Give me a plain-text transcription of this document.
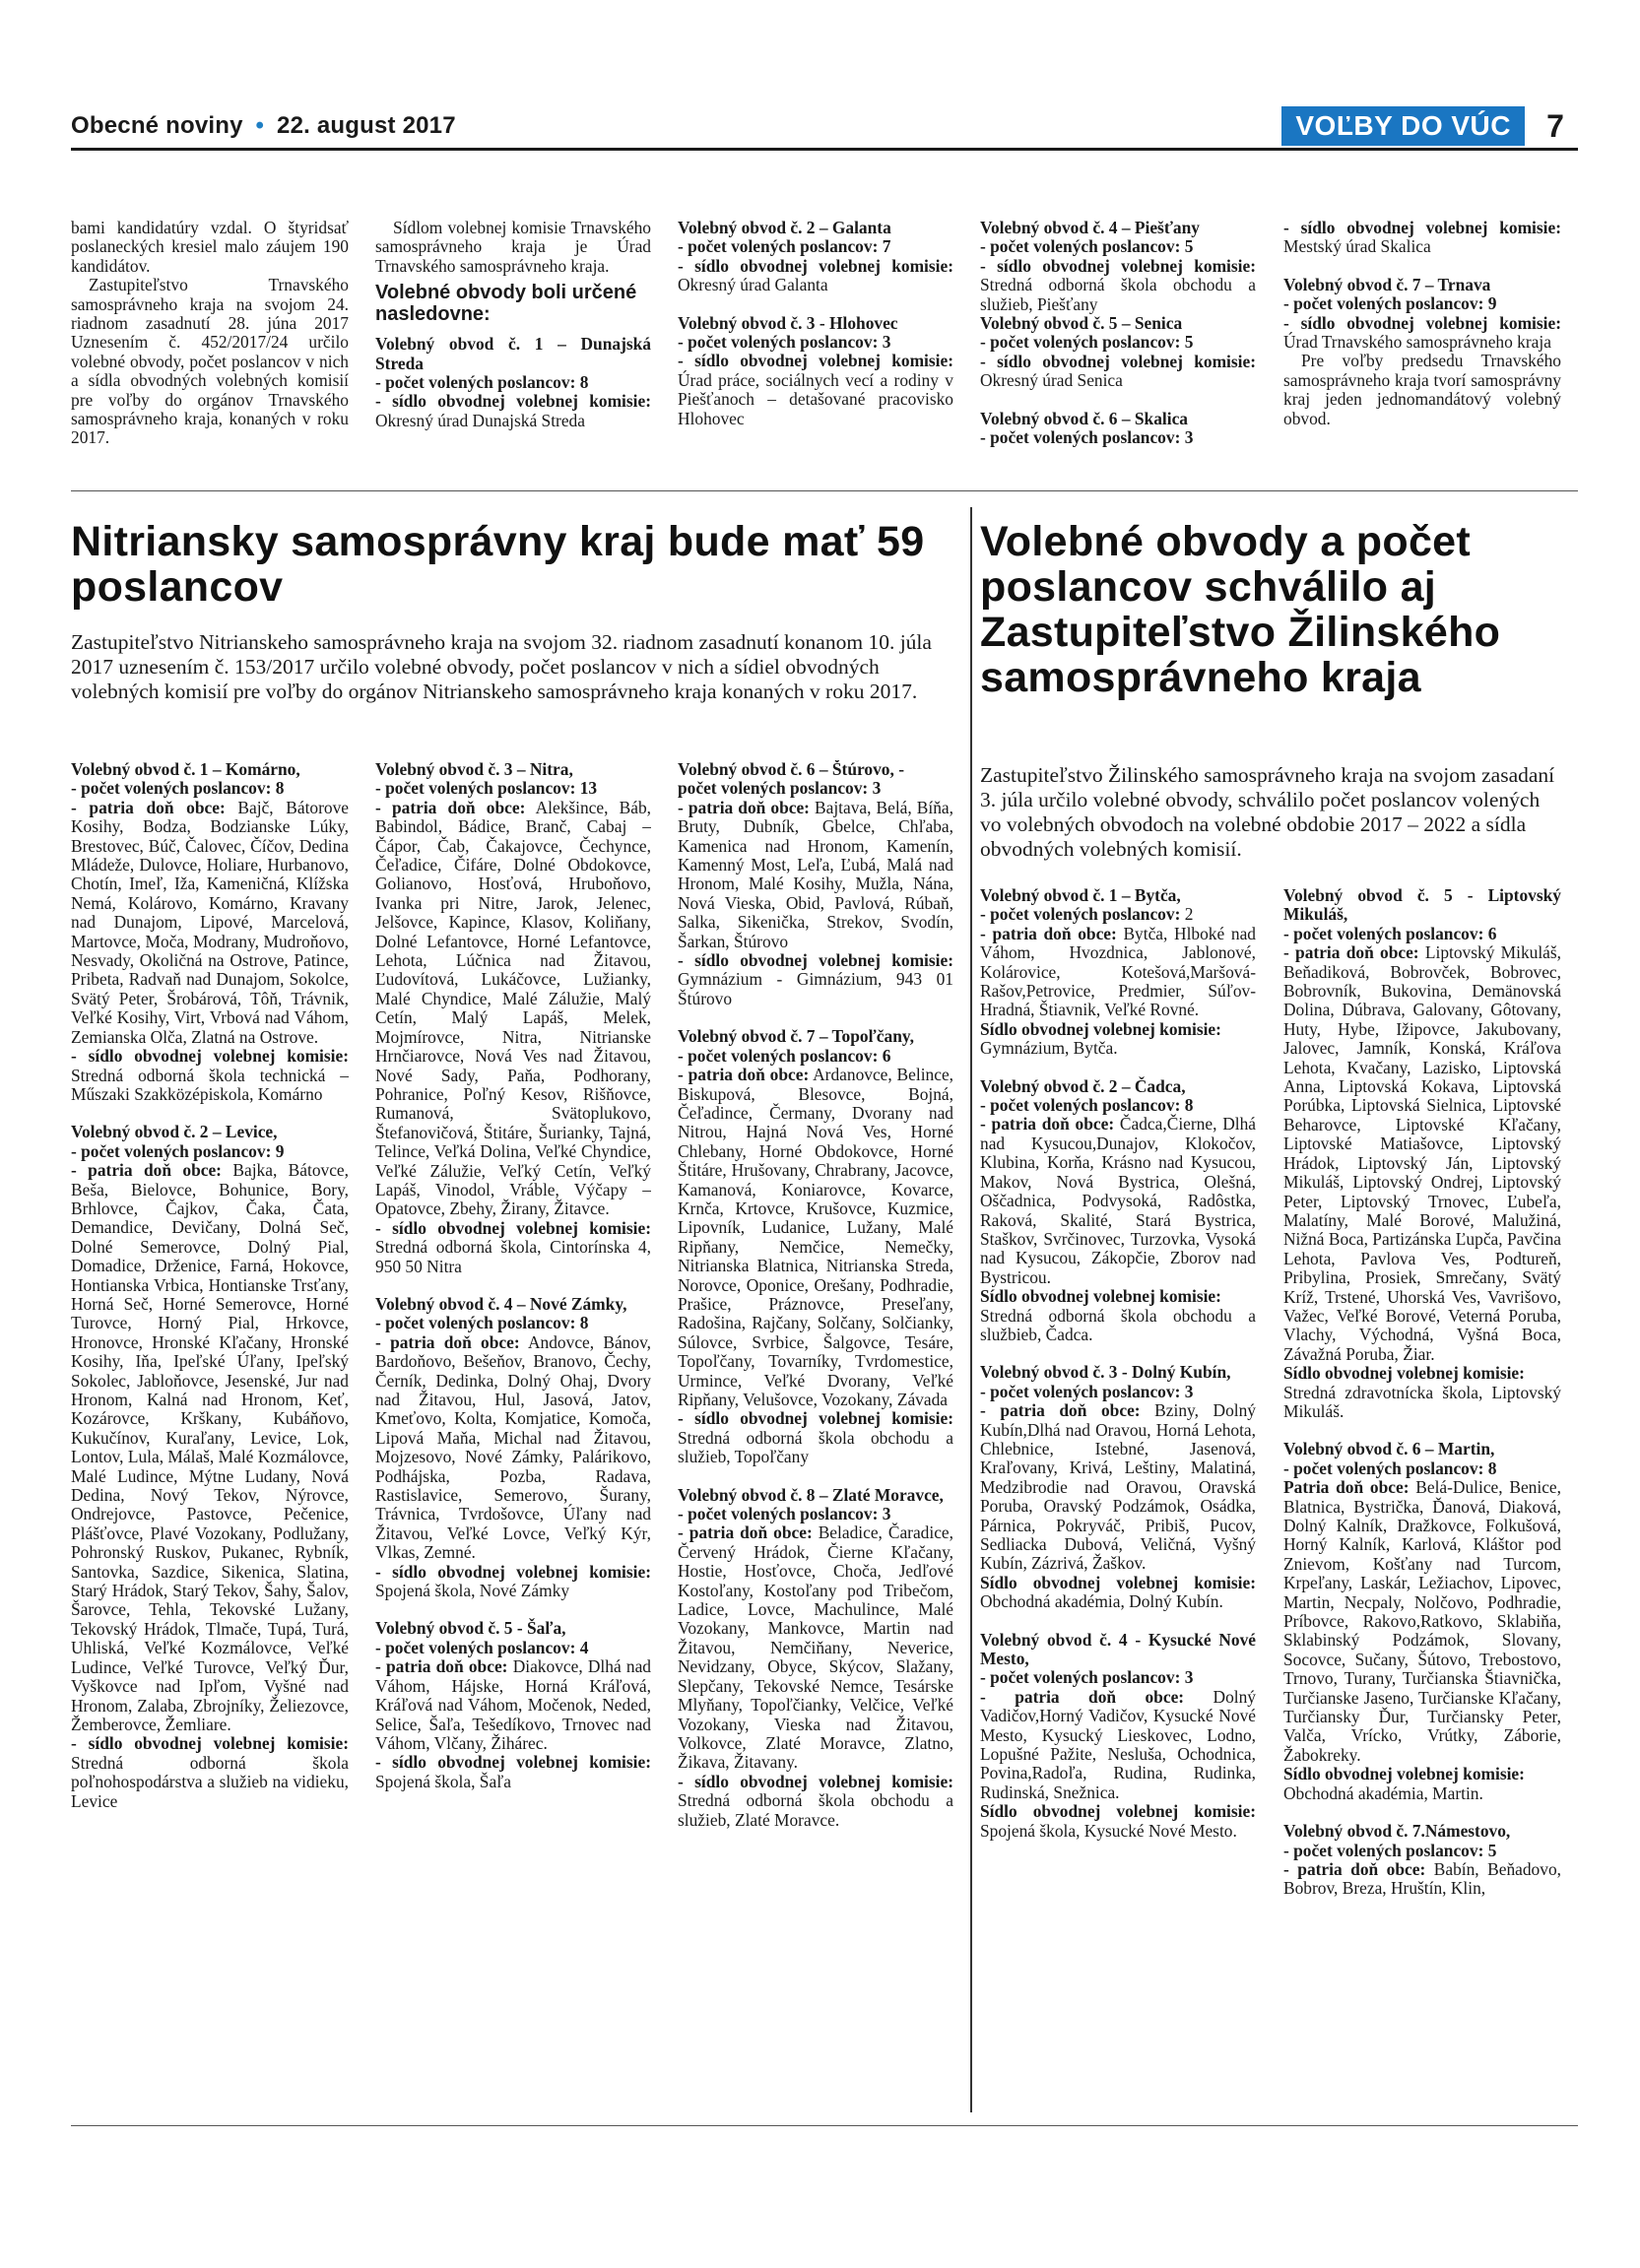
Obecné noviny • 22. august 2017	VOĽBY DO VÚC	7

bami kandidatúry vzdal. O štyridsať poslaneckých kresiel malo záujem 190 kandidátov.

Zastupiteľstvo Trnavského samosprávneho kraja na svojom 24. riadnom zasadnutí 28. júna 2017 Uznesením č. 452/2017/24 určilo volebné obvody, počet poslancov v nich a sídla obvodných volebných komisií pre voľby do orgánov Trnavského samosprávneho kraja, konaných v roku 2017.

Sídlom volebnej komisie Trnavského samosprávneho kraja je Úrad Trnavského samosprávneho kraja.

Volebné obvody boli určené nasledovne:

Volebný obvod č. 1 – Dunajská Streda
- počet volených poslancov: 8
- sídlo obvodnej volebnej komisie: Okresný úrad Dunajská Streda

Volebný obvod č. 2 – Galanta
- počet volených poslancov: 7
- sídlo obvodnej volebnej komisie: Okresný úrad Galanta
Volebný obvod č. 3 - Hlohovec
- počet volených poslancov: 3
- sídlo obvodnej volebnej komisie: Úrad práce, sociálnych vecí a rodiny v Piešťanoch – detašované pracovisko Hlohovec
Volebný obvod č. 4 – Piešťany
- počet volených poslancov: 5
- sídlo obvodnej volebnej komisie: Stredná odborná škola obchodu a služieb, Piešťany
Volebný obvod č. 5 – Senica
- počet volených poslancov: 5
- sídlo obvodnej volebnej komisie: Okresný úrad Senica
Volebný obvod č. 6 – Skalica
- počet volených poslancov: 3
- sídlo obvodnej volebnej komisie: Mestský úrad Skalica
Volebný obvod č. 7 – Trnava
- počet volených poslancov: 9
- sídlo obvodnej volebnej komisie: Úrad Trnavského samosprávneho kraja

Pre voľby predsedu Trnavského samosprávneho kraja tvorí samosprávny kraj jeden jednomandátový volebný obvod.

Nitriansky samosprávny kraj bude mať 59 poslancov
Zastupiteľstvo Nitrianskeho samosprávneho kraja na svojom 32. riadnom zasadnutí konanom 10. júla 2017 uznesením č. 153/2017 určilo volebné obvody, počet poslancov v nich a sídiel obvodných volebných komisií pre voľby do orgánov Nitrianskeho samosprávneho kraja konaných v roku 2017.
Volebný obvod č. 1 – Komárno,
- počet volených poslancov: 8
- patria doň obce: Bajč, Bátorove Kosihy, Bodza, Bodzianske Lúky, Brestovec, Búč, Čalovec, Číčov, Dedina Mládeže, Dulovce, Holiare, Hurbanovo, Chotín, Imeľ, Iža, Kameničná, Klížska Nemá, Kolárovo, Komárno, Kravany nad Dunajom, Lipové, Marcelová, Martovce, Moča, Modrany, Mudroňovo, Nesvady, Okoličná na Ostrove, Patince, Pribeta, Radvaň nad Dunajom, Sokolce, Svätý Peter, Šrobárová, Tôň, Trávnik, Veľké Kosihy, Virt, Vrbová nad Váhom, Zemianska Olča, Zlatná na Ostrove.
- sídlo obvodnej volebnej komisie: Stredná odborná škola technická – Műszaki Szakközépiskola, Komárno
Volebný obvod č. 2 – Levice,
- počet volených poslancov: 9
- patria doň obce: Bajka, Bátovce, Beša, Bielovce, Bohunice, Bory, Brhlovce, Čajkov, Čaka, Čata, Demandice, Devičany, Dolná Seč, Dolné Semerovce, Dolný Pial, Domadice, Drženice, Farná, Hokovce, Hontianska Vrbica, Hontianske Trsťany, Horná Seč, Horné Semerovce, Horné Turovce, Horný Pial, Hrkovce, Hronovce, Hronské Kľačany, Hronské Kosihy, Iňa, Ipeľské Úľany, Ipeľský Sokolec, Jabloňovce, Jesenské, Jur nad Hronom, Kalná nad Hronom, Keť, Kozárovce, Krškany, Kubáňovo, Kukučínov, Kuraľany, Levice, Lok, Lontov, Lula, Málaš, Malé Kozmálovce, Malé Ludince, Mýtne Ludany, Nová Dedina, Nový Tekov, Nýrovce, Ondrejovce, Pastovce, Pečenice, Plášťovce, Plavé Vozokany, Podlužany, Pohronský Ruskov, Pukanec, Rybník, Santovka, Sazdice, Sikenica, Slatina, Starý Hrádok, Starý Tekov, Šahy, Šalov, Šarovce, Tehla, Tekovské Lužany, Tekovský Hrádok, Tlmače, Tupá, Turá, Uhliská, Veľké Kozmálovce, Veľké Ludince, Veľké Turovce, Veľký Ďur, Vyškovce nad Ipľom, Vyšné nad Hronom, Zalaba, Zbrojníky, Želiezovce, Žemberovce, Žemliare.
- sídlo obvodnej volebnej komisie: Stredná odborná škola poľnohospodárstva a služieb na vidieku, Levice
Volebný obvod č. 3 – Nitra,
- počet volených poslancov: 13
- patria doň obce: Alekšince, Báb, Babindol, Bádice, Branč, Cabaj – Čápor, Čab, Čakajovce, Čechynce, Čeľadice, Čifáre, Dolné Obdokovce, Golianovo, Hosťová, Hruboňovo, Ivanka pri Nitre, Jarok, Jelenec, Jelšovce, Kapince, Klasov, Koliňany, Dolné Lefantovce, Horné Lefantovce, Lehota, Lúčnica nad Žitavou, Ľudovítová, Lukáčovce, Lužianky, Malé Chyndice, Malé Zálužie, Malý Cetín, Malý Lapáš, Melek, Mojmírovce, Nitra, Nitrianske Hrnčiarovce, Nová Ves nad Žitavou, Nové Sady, Paňa, Podhorany, Pohranice, Poľný Kesov, Rišňovce, Rumanová, Svätoplukovo, Štefanovičová, Štitáre, Šurianky, Tajná, Telince, Veľká Dolina, Veľké Chyndice, Veľké Zálužie, Veľký Cetín, Veľký Lapáš, Vinodol, Vráble, Výčapy – Opatovce, Zbehy, Žirany, Žitavce.
- sídlo obvodnej volebnej komisie: Stredná odborná škola, Cintorínska 4, 950 50 Nitra
Volebný obvod č. 4 – Nové Zámky,
- počet volených poslancov: 8
- patria doň obce: Andovce, Bánov, Bardoňovo, Bešeňov, Branovo, Čechy, Černík, Dedinka, Dolný Ohaj, Dvory nad Žitavou, Hul, Jasová, Jatov, Kmeťovo, Kolta, Komjatice, Komoča, Lipová Maňa, Michal nad Žitavou, Mojzesovo, Nové Zámky, Palárikovo, Podhájska, Pozba, Radava, Rastislavice, Semerovo, Šurany, Trávnica, Tvrdošovce, Úľany nad Žitavou, Veľké Lovce, Veľký Kýr, Vlkas, Zemné.
- sídlo obvodnej volebnej komisie: Spojená škola, Nové Zámky
Volebný obvod č. 5 - Šaľa,
- počet volených poslancov: 4
- patria doň obce: Diakovce, Dlhá nad Váhom, Hájske, Horná Kráľová, Kráľová nad Váhom, Močenok, Neded, Selice, Šaľa, Tešedíkovo, Trnovec nad Váhom, Vlčany, Žihárec.
- sídlo obvodnej volebnej komisie: Spojená škola, Šaľa
Volebný obvod č. 6 – Štúrovo, -
počet volených poslancov: 3
- patria doň obce: Bajtava, Belá, Bíňa, Bruty, Dubník, Gbelce, Chľaba, Kamenica nad Hronom, Kamenín, Kamenný Most, Leľa, Ľubá, Malá nad Hronom, Malé Kosihy, Mužla, Nána, Nová Vieska, Obid, Pavlová, Rúbaň, Salka, Sikenička, Strekov, Svodín, Šarkan, Štúrovo
- sídlo obvodnej volebnej komisie: Gymnázium - Gimnázium, 943 01 Štúrovo
Volebný obvod č. 7 – Topoľčany,
- počet volených poslancov: 6
- patria doň obce: Ardanovce, Belince, Biskupová, Blesovce, Bojná, Čeľadince, Čermany, Dvorany nad Nitrou, Hajná Nová Ves, Horné Chlebany, Horné Obdokovce, Horné Štitáre, Hrušovany, Chrabrany, Jacovce, Kamanová, Koniarovce, Kovarce, Krnča, Krtovce, Krušovce, Kuzmice, Lipovník, Ludanice, Lužany, Malé Ripňany, Nemčice, Nemečky, Nitrianska Blatnica, Nitrianska Streda, Norovce, Oponice, Orešany, Podhradie, Prašice, Práznovce, Preseľany, Radošina, Rajčany, Solčany, Solčianky, Súlovce, Svrbice, Šalgovce, Tesáre, Topoľčany, Tovarníky, Tvrdomestice, Urmince, Veľké Dvorany, Veľké Ripňany, Velušovce, Vozokany, Závada
- sídlo obvodnej volebnej komisie: Stredná odborná škola obchodu a služieb, Topoľčany
Volebný obvod č. 8 – Zlaté Moravce,
- počet volených poslancov: 3
- patria doň obce: Beladice, Čaradice, Červený Hrádok, Čierne Kľačany, Hostie, Hosťovce, Choča, Jedľové Kostoľany, Kostoľany pod Tribečom, Ladice, Lovce, Machulince, Malé Vozokany, Mankovce, Martin nad Žitavou, Nemčiňany, Neverice, Nevidzany, Obyce, Skýcov, Slažany, Slepčany, Tekovské Nemce, Tesárske Mlyňany, Topoľčianky, Velčice, Veľké Vozokany, Vieska nad Žitavou, Volkovce, Zlaté Moravce, Zlatno, Žikava, Žitavany.
- sídlo obvodnej volebnej komisie: Stredná odborná škola obchodu a služieb, Zlaté Moravce.
Volebné obvody a počet poslancov schválilo aj Zastupiteľstvo Žilinského samosprávneho kraja
Zastupiteľstvo Žilinského samosprávneho kraja na svojom zasadaní 3. júla určilo volebné obvody, schválilo počet poslancov volených vo volebných obvodoch na volebné obdobie 2017 – 2022 a sídla obvodných volebných komisií.
Volebný obvod č. 1 – Bytča,
- počet volených poslancov: 2
- patria doň obce: Bytča, Hlboké nad Váhom, Hvozdnica, Jablonové, Kolárovice, Kotešová,Maršová-Rašov,Petrovice, Predmier, Súľov-Hradná, Štiavnik, Veľké Rovné.
Sídlo obvodnej volebnej komisie:
Gymnázium, Bytča.
Volebný obvod č. 2 – Čadca,
- počet volených poslancov: 8
- patria doň obce: Čadca,Čierne, Dlhá nad Kysucou,Dunajov, Klokočov, Klubina, Korňa, Krásno nad Kysucou, Makov, Nová Bystrica, Olešná, Oščadnica, Podvysoká, Radôstka, Raková, Skalité, Stará Bystrica, Staškov, Svrčinovec, Turzovka, Vysoká nad Kysucou, Zákopčie, Zborov nad Bystricou.
Sídlo obvodnej volebnej komisie:
Stredná odborná škola obchodu a službieb, Čadca.
Volebný obvod č. 3 - Dolný Kubín,
- počet volených poslancov: 3
- patria doň obce: Bziny, Dolný Kubín,Dlhá nad Oravou, Horná Lehota, Chlebnice, Istebné, Jasenová, Kraľovany, Krivá, Leštiny, Malatiná, Medzibrodie nad Oravou, Oravská Poruba, Oravský Podzámok, Osádka, Párnica, Pokryváč, Pribiš, Pucov, Sedliacka Dubová, Veličná, Vyšný Kubín, Zázrivá, Žaškov.
Sídlo obvodnej volebnej komisie: Obchodná akadémia, Dolný Kubín.
Volebný obvod č. 4 - Kysucké Nové Mesto,
- počet volených poslancov: 3
- patria doň obce: Dolný Vadičov,Horný Vadičov, Kysucké Nové Mesto, Kysucký Lieskovec, Lodno, Lopušné Pažite, Nesluša, Ochodnica, Povina,Radoľa, Rudina, Rudinka, Rudinská, Snežnica.
Sídlo obvodnej volebnej komisie: Spojená škola, Kysucké Nové Mesto.
Volebný obvod č. 5 - Liptovský Mikuláš,
- počet volených poslancov: 6
- patria doň obce: Liptovský Mikuláš, Beňadiková, Bobrovček, Bobrovec, Bobrovník, Bukovina, Demänovská Dolina, Dúbrava, Galovany, Gôtovany, Huty, Hybe, Ižipovce, Jakubovany, Jalovec, Jamník, Konská, Kráľova Lehota, Kvačany, Lazisko, Liptovská Anna, Liptovská Kokava, Liptovská Porúbka, Liptovská Sielnica, Liptovské Beharovce, Liptovské Kľačany, Liptovské Matiašovce, Liptovský Hrádok, Liptovský Ján, Liptovský Mikuláš, Liptovský Ondrej, Liptovský Peter, Liptovský Trnovec, Ľubeľa, Malatíny, Malé Borové, Malužiná, Nižná Boca, Partizánska Ľupča, Pavčina Lehota, Pavlova Ves, Podtureň, Pribylina, Prosiek, Smrečany, Svätý Kríž, Trstené, Uhorská Ves, Vavrišovo, Važec, Veľké Borové, Veterná Poruba, Vlachy, Východná, Vyšná Boca, Závažná Poruba, Žiar.
Sídlo obvodnej volebnej komisie:
Stredná zdravotnícka škola, Liptovský Mikuláš.
Volebný obvod č. 6 – Martin,
- počet volených poslancov: 8
Patria doň obce: Belá-Dulice, Benice, Blatnica, Bystrička, Ďanová, Diaková, Dolný Kalník, Dražkovce, Folkušová, Horný Kalník, Karlová, Kláštor pod Znievom, Košťany nad Turcom, Krpeľany, Laskár, Ležiachov, Lipovec, Martin, Necpaly, Nolčovo, Podhradie, Príbovce, Rakovo,Ratkovo, Sklabiňa, Sklabinský Podzámok, Slovany, Socovce, Sučany, Šútovo, Trebostovo, Trnovo, Turany, Turčianska Štiavnička, Turčianske Jaseno, Turčianske Kľačany, Turčiansky Ďur, Turčiansky Peter, Valča, Vrícko, Vrútky, Záborie, Žabokreky.
Sídlo obvodnej volebnej komisie:
Obchodná akadémia, Martin.
Volebný obvod č. 7.Námestovo,
- počet volených poslancov: 5
- patria doň obce: Babín, Beňadovo, Bobrov, Breza, Hruštín, Klin,
